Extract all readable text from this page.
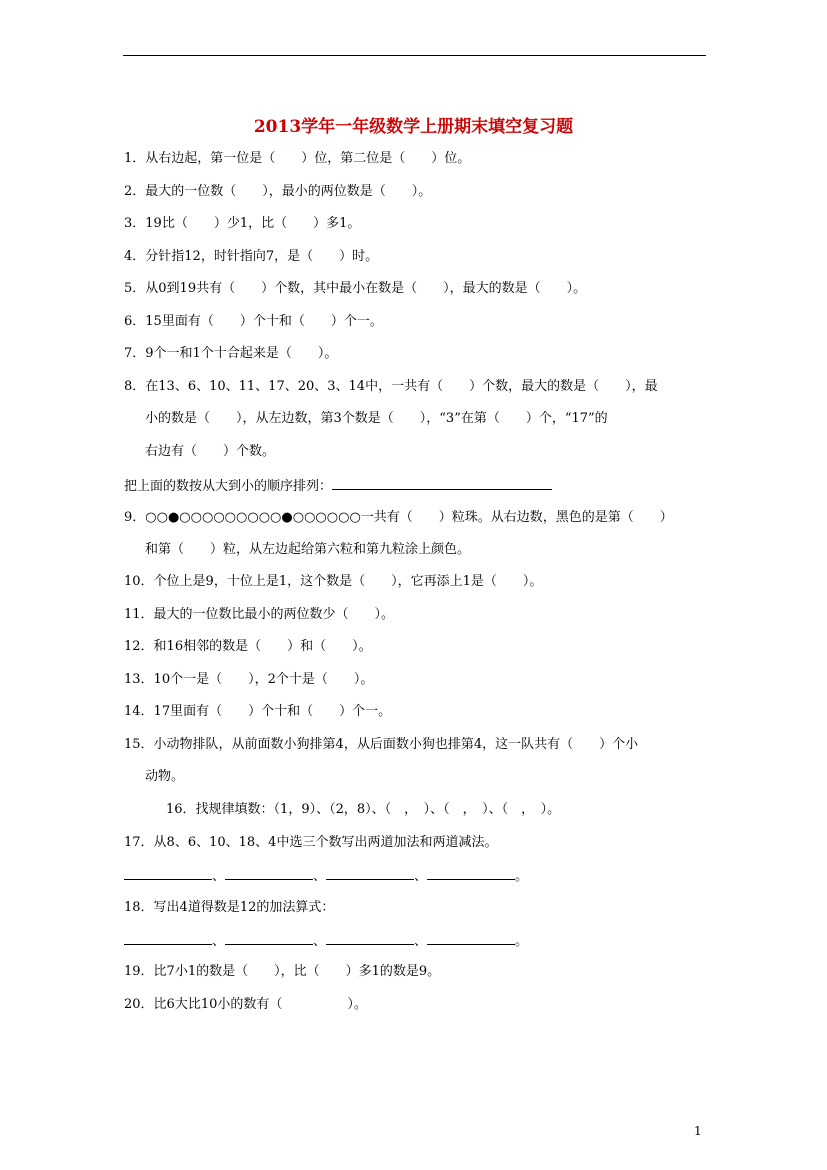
2013学年一年级数学上册期末填空复习题
1．从右边起，第一位是（　　）位，第二位是（　　）位。
2．最大的一位数（　　），最小的两位数是（　　）。
3．19比（　　）少1，比（　　）多1。
4．分针指12，时针指向7，是（　　）时。
5．从0到19共有（　　）个数，其中最小在数是（　　），最大的数是（　　）。
6．15里面有（　　）个十和（　　）个一。
7．9个一和1个十合起来是（　　）。
8．在13、6、10、11、17、20、3、14中，一共有（　　）个数，最大的数是（　　），最
小的数是（　　），从左边数，第3个数是（　　），“3”在第（　　）个，“17”的
右边有（　　）个数。
把上面的数按从大到小的顺序排列：
9．○○●○○○○○○○○○●○○○○○○一共有（　　）粒珠。从右边数，黑色的是第（　　）
和第（　　）粒，从左边起给第六粒和第九粒涂上颜色。
10．个位上是9，十位上是1，这个数是（　　），它再添上1是（　　）。
11．最大的一位数比最小的两位数少（　　）。
12．和16相邻的数是（　　）和（　　）。
13．10个一是（　　），2个十是（　　）。
14．17里面有（　　）个十和（　　）个一。
15．小动物排队，从前面数小狗排第4，从后面数小狗也排第4，这一队共有（　　）个小
动物。
16．找规律填数：（1，9）、（2，8）、（　，　）、（　，　）、（　，　）。
17．从8、6、10、18、4中选三个数写出两道加法和两道减法。
、	、	、	。
18．写出4道得数是12的加法算式：
、	、	、	。
19．比7小1的数是（　　），比（　　）多1的数是9。
20．比6大比10小的数有（　　　　　）。
1
